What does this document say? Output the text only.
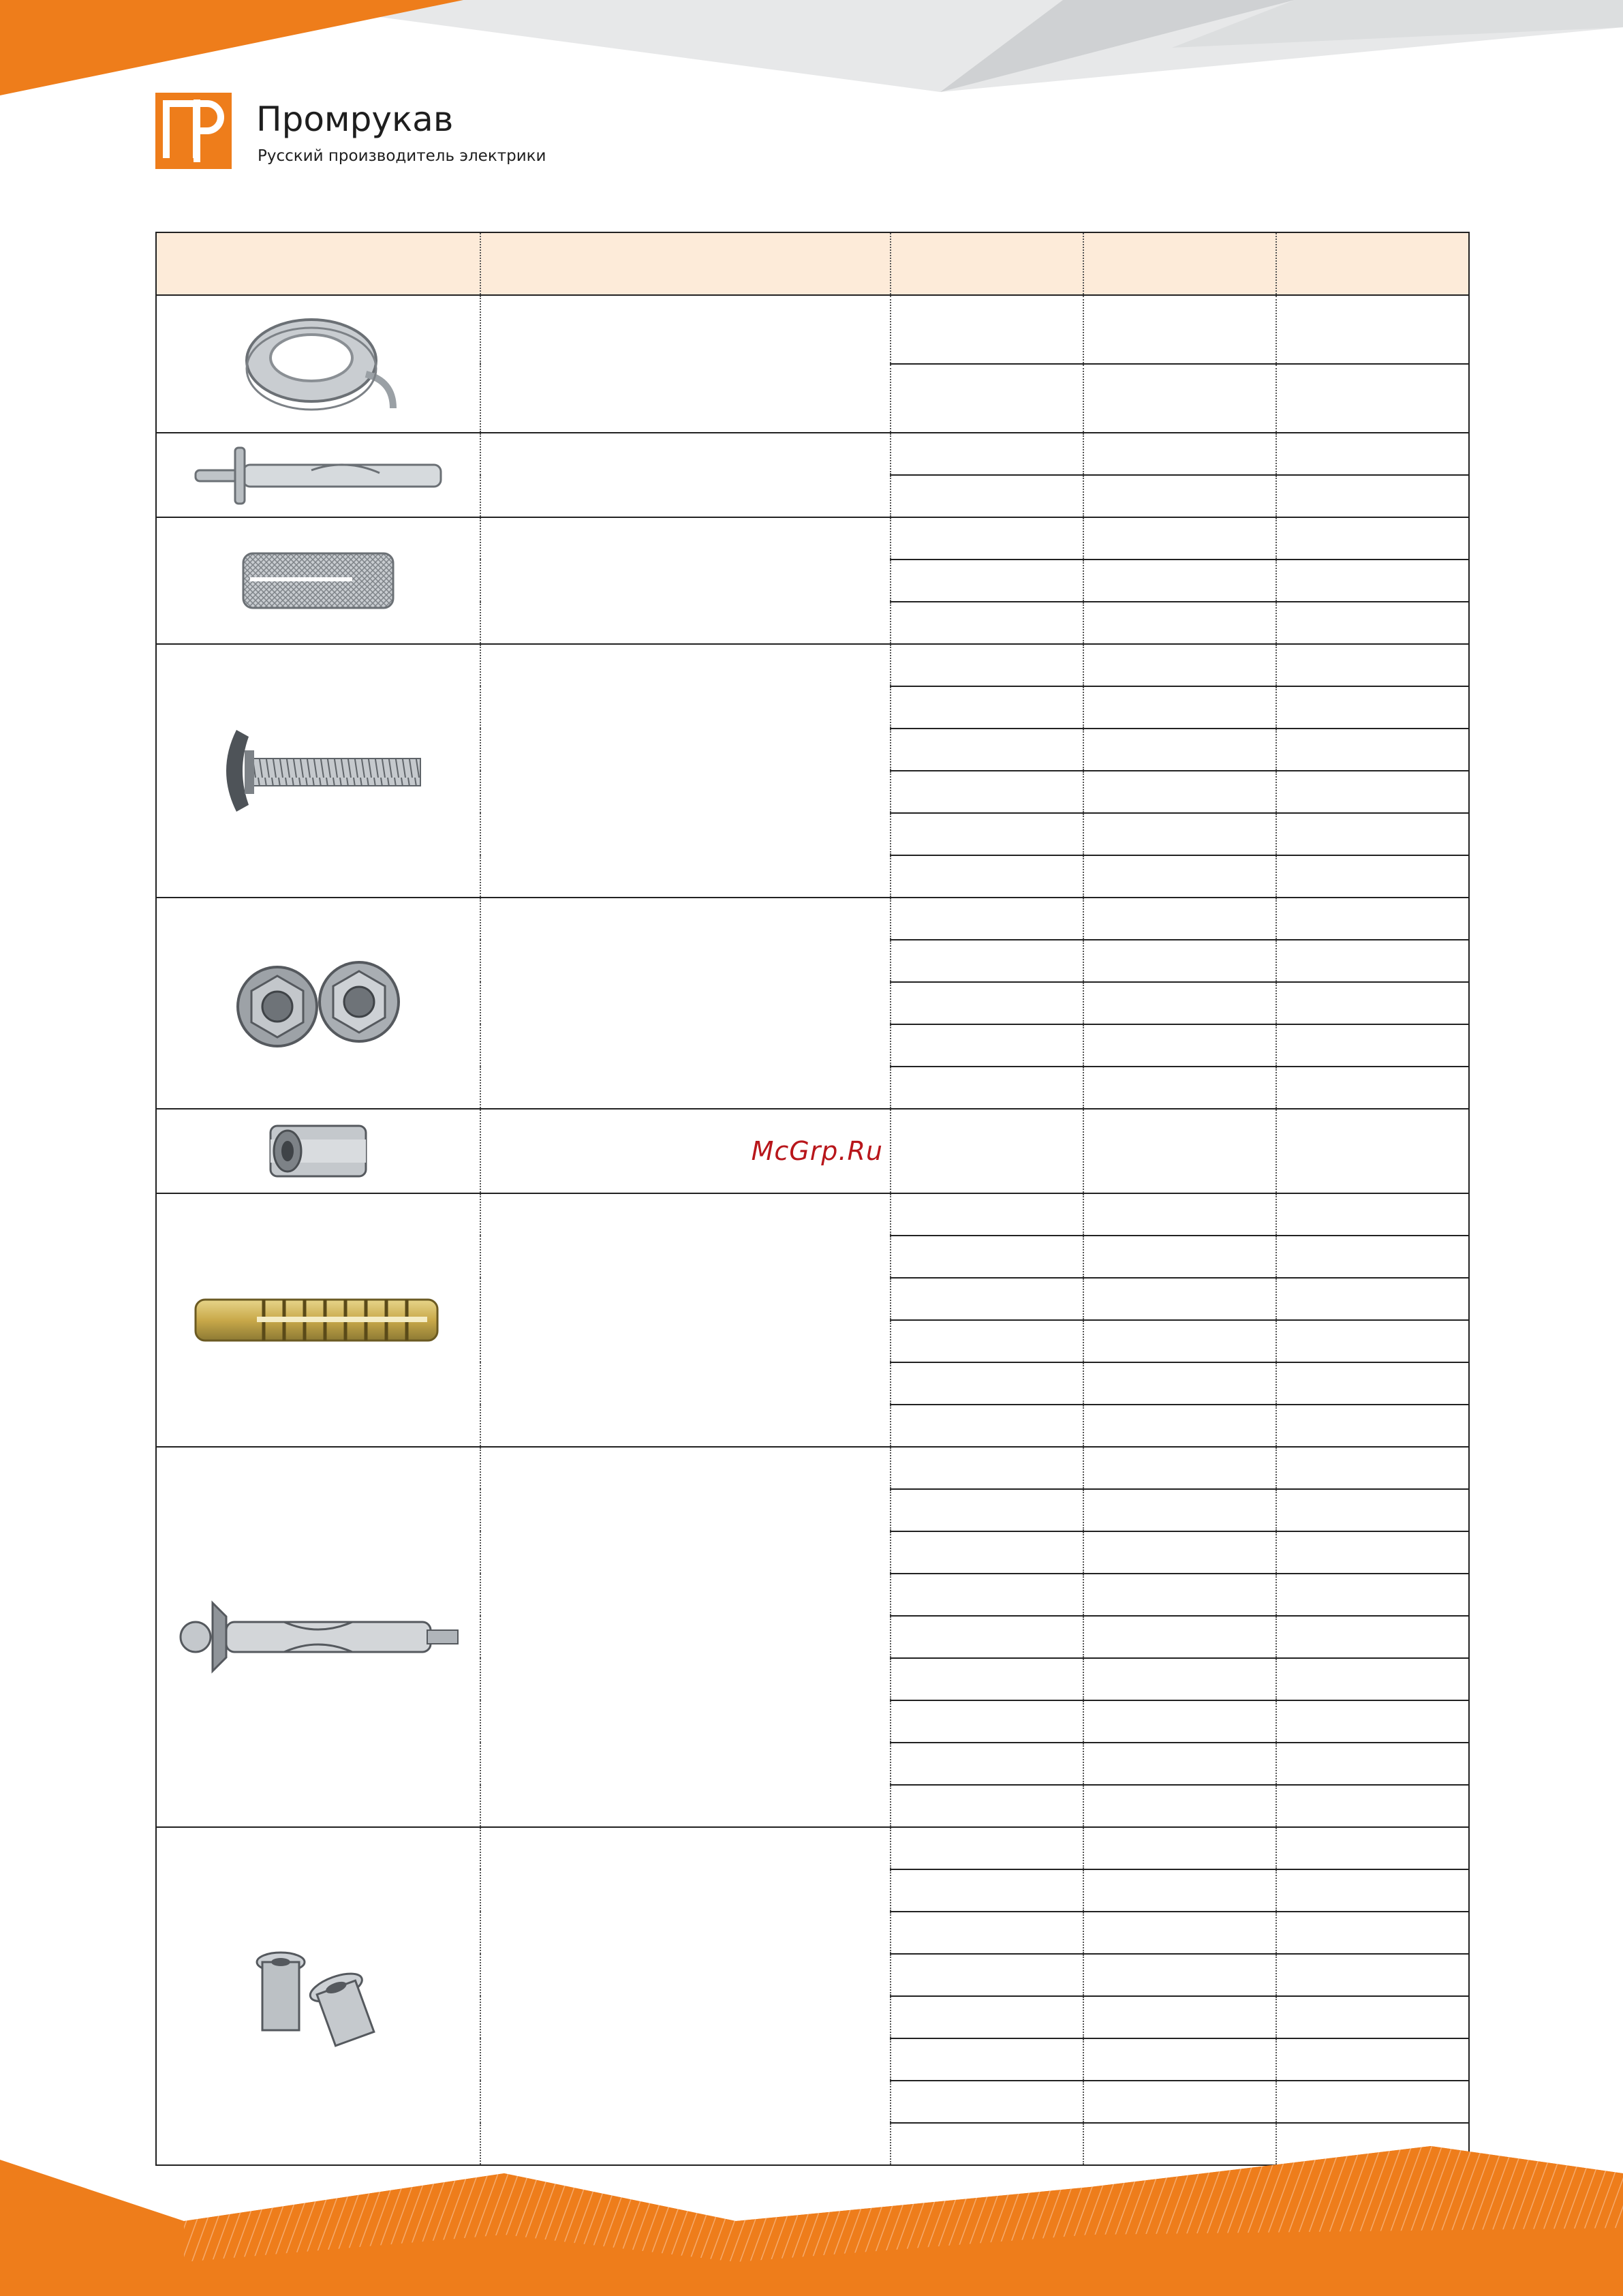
Промрукав
Русский производитель электрики

McGrp.Ru			
